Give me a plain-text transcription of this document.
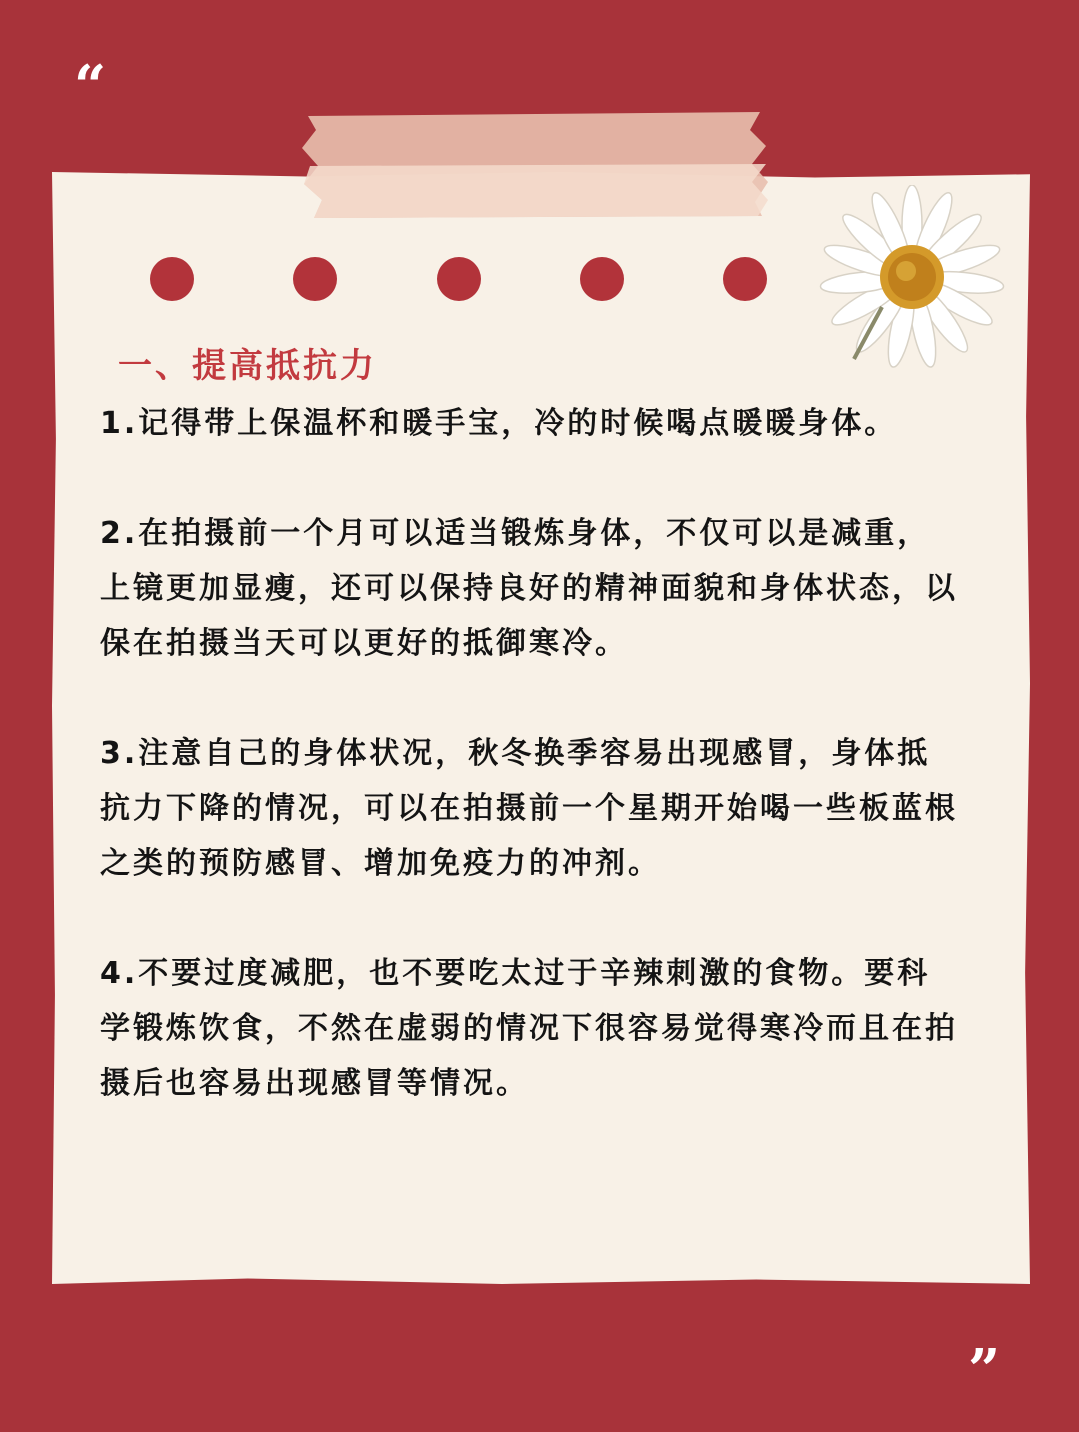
“
一、提高抵抗力

1.记得带上保温杯和暖手宝，冷的时候喝点暖暖身体。

2.在拍摄前一个月可以适当锻炼身体，不仅可以是减重，上镜更加显瘦，还可以保持良好的精神面貌和身体状态，以保在拍摄当天可以更好的抵御寒冷。

3.注意自己的身体状况，秋冬换季容易出现感冒，身体抵抗力下降的情况，可以在拍摄前一个星期开始喝一些板蓝根之类的预防感冒、增加免疫力的冲剂。

4.不要过度减肥，也不要吃太过于辛辣刺激的食物。要科学锻炼饮食，不然在虚弱的情况下很容易觉得寒冷而且在拍摄后也容易出现感冒等情况。

”
